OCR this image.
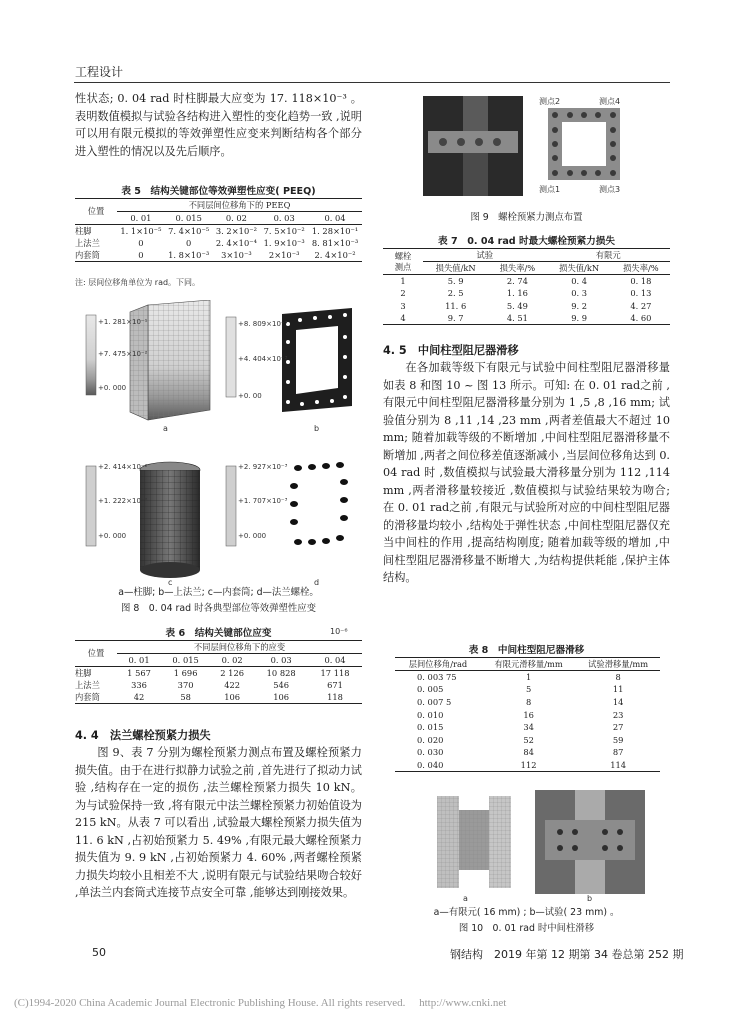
工程设计
性状态; 0. 04 rad 时柱脚最大应变为 17. 118×10⁻³ 。表明数值模拟与试验各结构进入塑性的变化趋势一致 ,说明可以用有限元模拟的等效弹塑性应变来判断结构各个部分进入塑性的情况以及先后顺序。
表 5　结构关键部位等效弹塑性应变( PEEQ)
位置	不同层间位移角下的 PEEQ				
	0. 01	0. 015	0. 02	0. 03	0. 04
柱脚	1. 1×10⁻⁵	7. 4×10⁻⁵	3. 2×10⁻²	7. 5×10⁻²	1. 28×10⁻¹
上法兰	0	0	2. 4×10⁻⁴	1. 9×10⁻³	8. 81×10⁻³
内套筒	0	1. 8×10⁻³	3×10⁻³	2×10⁻³	2. 4×10⁻²
注: 层间位移角单位为 rad。下同。
+1. 281×10⁻¹
+7. 475×10⁻²
+0. 000
a
+8. 809×10⁻³
+4. 404×10⁻³
+0. 00
b
+2. 414×10⁻²
+1. 222×10⁻²
+0. 000
c
+2. 927×10⁻³
+1. 707×10⁻³
+0. 000
d
a—柱脚; b—上法兰; c—内套筒; d—法兰螺栓。
图 8　0. 04 rad 时各典型部位等效弹塑性应变
表 6　结构关键部位应变	10⁻⁶
位置	不同层间位移角下的应变				
	0. 01	0. 015	0. 02	0. 03	0. 04
柱脚	1 567	1 696	2 126	10 828	17 118
上法兰	336	370	422	546	671
内套筒	42	58	106	106	118
4. 4　法兰螺栓预紧力损失
图 9、表 7 分别为螺栓预紧力测点布置及螺栓预紧力损失值。由于在进行拟静力试验之前 ,首先进行了拟动力试验 ,结构存在一定的损伤 ,法兰螺栓预紧力损失 10 kN。为与试验保持一致 ,将有限元中法兰螺栓预紧力初始值设为 215 kN。从表 7 可以看出 ,试验最大螺栓预紧力损失值为 11. 6 kN ,占初始预紧力 5. 49% ,有限元最大螺栓预紧力损失值为 9. 9 kN ,占初始预紧力 4. 60% ,两者螺栓预紧力损失均较小且相差不大 ,说明有限元与试验结果吻合较好 ,单法兰内套筒式连接节点安全可靠 ,能够达到刚接效果。
测点2	测点4
测点1	测点3
图 9　螺栓预紧力测点布置
表 7　0. 04 rad 时最大螺栓预紧力损失
螺栓
测点	试验		有限元	
	损失值/kN	损失率/%	损失值/kN	损失率/%
1	5. 9	2. 74	0. 4	0. 18
2	2. 5	1. 16	0. 3	0. 13
3	11. 6	5. 49	9. 2	4. 27
4	9. 7	4. 51	9. 9	4. 60
4. 5　中间柱型阻尼器滑移
在各加载等级下有限元与试验中间柱型阻尼器滑移量如表 8 和图 10 ~ 图 13 所示。可知: 在 0. 01 rad之前 ,有限元中间柱型阻尼器滑移量分别为 1 ,5 ,8 ,16 mm; 试验值分别为 8 ,11 ,14 ,23 mm ,两者差值最大不超过 10 mm; 随着加载等级的不断增加 ,中间柱型阻尼器滑移量不断增加 ,两者之间位移差值逐渐减小 ,当层间位移角达到 0. 04 rad 时 ,数值模拟与试验最大滑移量分别为 112 ,114 mm ,两者滑移量较接近 ,数值模拟与试验结果较为吻合; 在 0. 01 rad之前 ,有限元与试验所对应的中间柱型阻尼器的滑移量均较小 ,结构处于弹性状态 ,中间柱型阻尼器仅充当中间柱的作用 ,提高结构刚度; 随着加载等级的增加 ,中间柱型阻尼器滑移量不断增大 ,为结构提供耗能 ,保护主体结构。
表 8　中间柱型阻尼器滑移
层间位移角/rad	有限元滑移量/mm	试验滑移量/mm
0. 003 75	1	8
0. 005	5	11
0. 007 5	8	14
0. 010	16	23
0. 015	34	27
0. 020	52	59
0. 030	84	87
0. 040	112	114
a	b
a—有限元( 16 mm) ; b—试验( 23 mm) 。
图 10　0. 01 rad 时中间柱滑移
50	钢结构　2019 年第 12 期第 34 卷总第 252 期
(C)1994-2020 China Academic Journal Electronic Publishing House. All rights reserved.　 http://www.cnki.net
